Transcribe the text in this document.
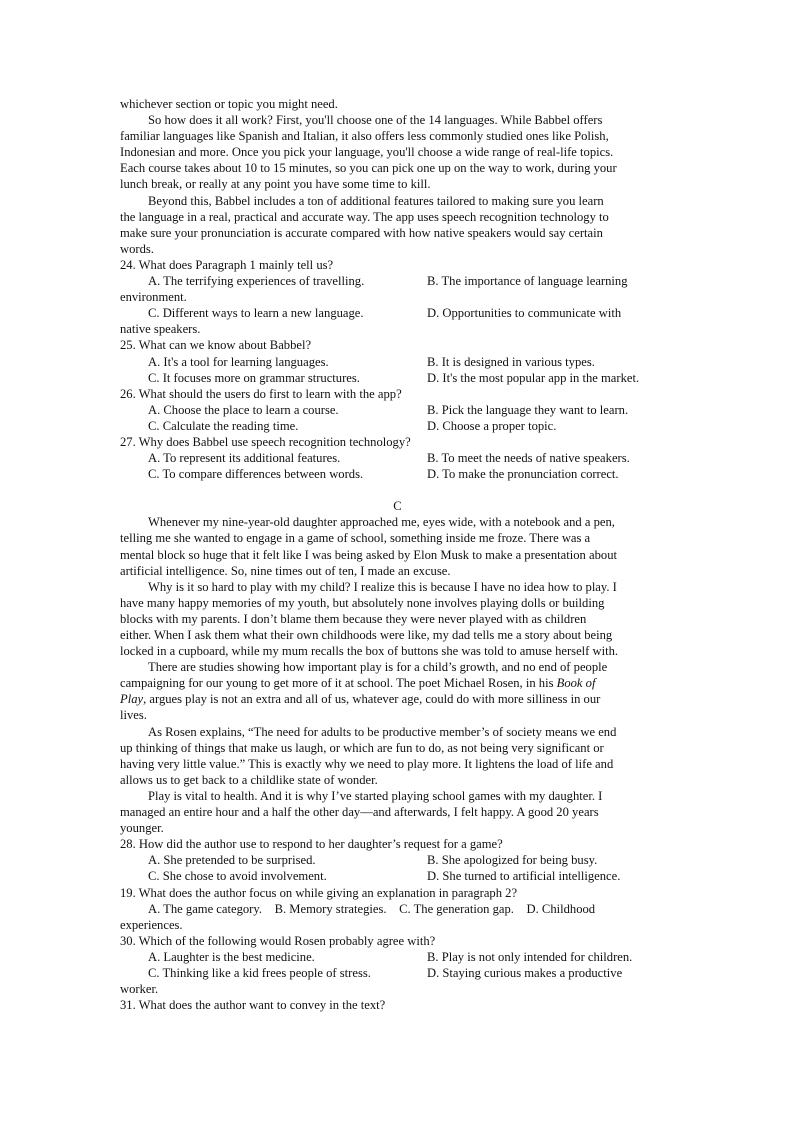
whichever section or topic you might need.
So how does it all work? First, you'll choose one of the 14 languages. While Babbel offers
familiar languages like Spanish and Italian, it also offers less commonly studied ones like Polish,
Indonesian and more. Once you pick your language, you'll choose a wide range of real-life topics.
Each course takes about 10 to 15 minutes, so you can pick one up on the way to work, during your
lunch break, or really at any point you have some time to kill.
Beyond this, Babbel includes a ton of additional features tailored to making sure you learn
the language in a real, practical and accurate way. The app uses speech recognition technology to
make sure your pronunciation is accurate compared with how native speakers would say certain
words.
24. What does Paragraph 1 mainly tell us?
A. The terrifying experiences of travelling.	B. The importance of language learning
environment.
C. Different ways to learn a new language.	D. Opportunities to communicate with
native speakers.
25. What can we know about Babbel?
A. It's a tool for learning languages.	B. It is designed in various types.
C. It focuses more on grammar structures.	D. It's the most popular app in the market.
26. What should the users do first to learn with the app?
A. Choose the place to learn a course.	B. Pick the language they want to learn.
C. Calculate the reading time.	D. Choose a proper topic.
27. Why does Babbel use speech recognition technology?
A. To represent its additional features.	B. To meet the needs of native speakers.
C. To compare differences between words.	D. To make the pronunciation correct.
C
Whenever my nine-year-old daughter approached me, eyes wide, with a notebook and a pen,
telling me she wanted to engage in a game of school, something inside me froze. There was a
mental block so huge that it felt like I was being asked by Elon Musk to make a presentation about
artificial intelligence. So, nine times out of ten, I made an excuse.
Why is it so hard to play with my child? I realize this is because I have no idea how to play. I
have many happy memories of my youth, but absolutely none involves playing dolls or building
blocks with my parents. I don’t blame them because they were never played with as children
either. When I ask them what their own childhoods were like, my dad tells me a story about being
locked in a cupboard, while my mum recalls the box of buttons she was told to amuse herself with.
There are studies showing how important play is for a child’s growth, and no end of people
campaigning for our young to get more of it at school. The poet Michael Rosen, in his Book of
Play, argues play is not an extra and all of us, whatever age, could do with more silliness in our
lives.
As Rosen explains, “The need for adults to be productive member’s of society means we end
up thinking of things that make us laugh, or which are fun to do, as not being very significant or
having very little value.” This is exactly why we need to play more. It lightens the load of life and
allows us to get back to a childlike state of wonder.
Play is vital to health. And it is why I’ve started playing school games with my daughter. I
managed an entire hour and a half the other day—and afterwards, I felt happy. A good 20 years
younger.
28. How did the author use to respond to her daughter’s request for a game?
A. She pretended to be surprised.	B. She apologized for being busy.
C. She chose to avoid involvement.	D. She turned to artificial intelligence.
19. What does the author focus on while giving an explanation in paragraph 2?
A. The game category.    B. Memory strategies.    C. The generation gap.    D. Childhood
experiences.
30. Which of the following would Rosen probably agree with?
A. Laughter is the best medicine.	B. Play is not only intended for children.
C. Thinking like a kid frees people of stress.	D. Staying curious makes a productive
worker.
31. What does the author want to convey in the text?
